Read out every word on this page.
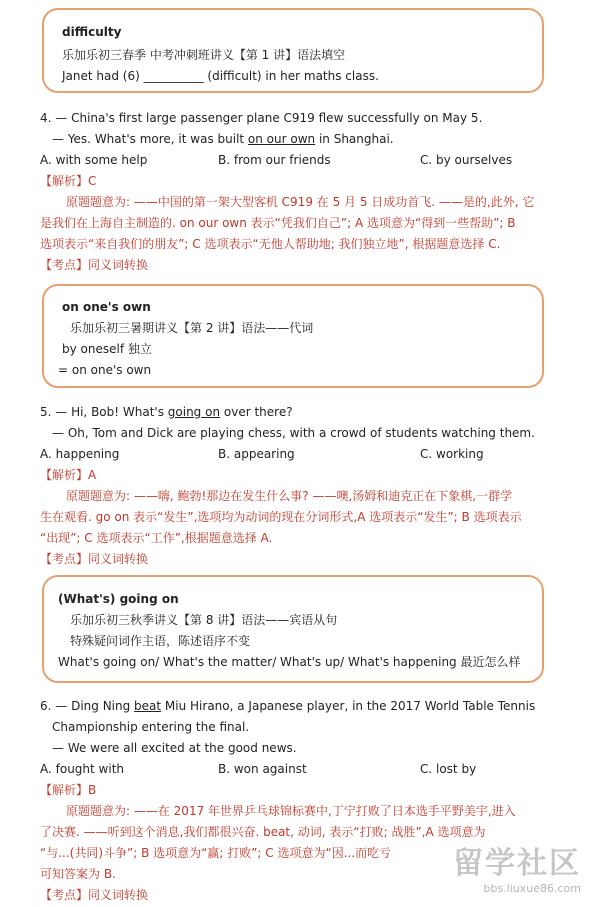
difficulty
乐加乐初三春季 中考冲刺班讲义【第 1 讲】语法填空
Janet had (6) __________ (difficult) in her maths class.
4. — China's first large passenger plane C919 flew successfully on May 5.
— Yes. What's more, it was built on our own in Shanghai.
A. with some help	B. from our friends	C. by ourselves
【解析】C
原题题意为: ——中国的第一架大型客机 C919 在 5 月 5 日成功首飞. ——是的,此外, 它
是我们在上海自主制造的. on our own 表示“凭我们自己”; A 选项意为“得到一些帮助”; B
选项表示“来自我们的朋友”; C 选项表示“无他人帮助地; 我们独立地”, 根据题意选择 C.
【考点】同义词转换
on one's own
乐加乐初三暑期讲义【第 2 讲】语法——代词
by oneself 独立
= on one's own
5. — Hi, Bob! What's going on over there?
— Oh, Tom and Dick are playing chess, with a crowd of students watching them.
A. happening	B. appearing	C. working
【解析】A
原题题意为: ——嗨, 鲍勃!那边在发生什么事? ——噢,汤姆和迪克正在下象棋,一群学
生在观看. go on 表示“发生”,选项均为动词的现在分词形式,A 选项表示“发生”; B 选项表示
“出现”; C 选项表示“工作”,根据题意选择 A.
【考点】同义词转换
(What's) going on
乐加乐初三秋季讲义【第 8 讲】语法——宾语从句
特殊疑问词作主语，陈述语序不变
What's going on/ What's the matter/ What's up/ What's happening 最近怎么样
6. — Ding Ning beat Miu Hirano, a Japanese player, in the 2017 World Table Tennis
Championship entering the final.
— We were all excited at the good news.
A. fought with	B. won against	C. lost by
【解析】B
原题题意为: ——在 2017 年世界乒乓球锦标赛中,丁宁打败了日本选手平野美宇,进入
了决赛. ——听到这个消息,我们都很兴奋. beat, 动词, 表示“打败; 战胜”,A 选项意为
“与...(共同)斗争”; B 选项意为“赢; 打败”; C 选项意为“因...而吃亏
可知答案为 B.
【考点】同义词转换
留学社区
bbs.liuxue86.com
